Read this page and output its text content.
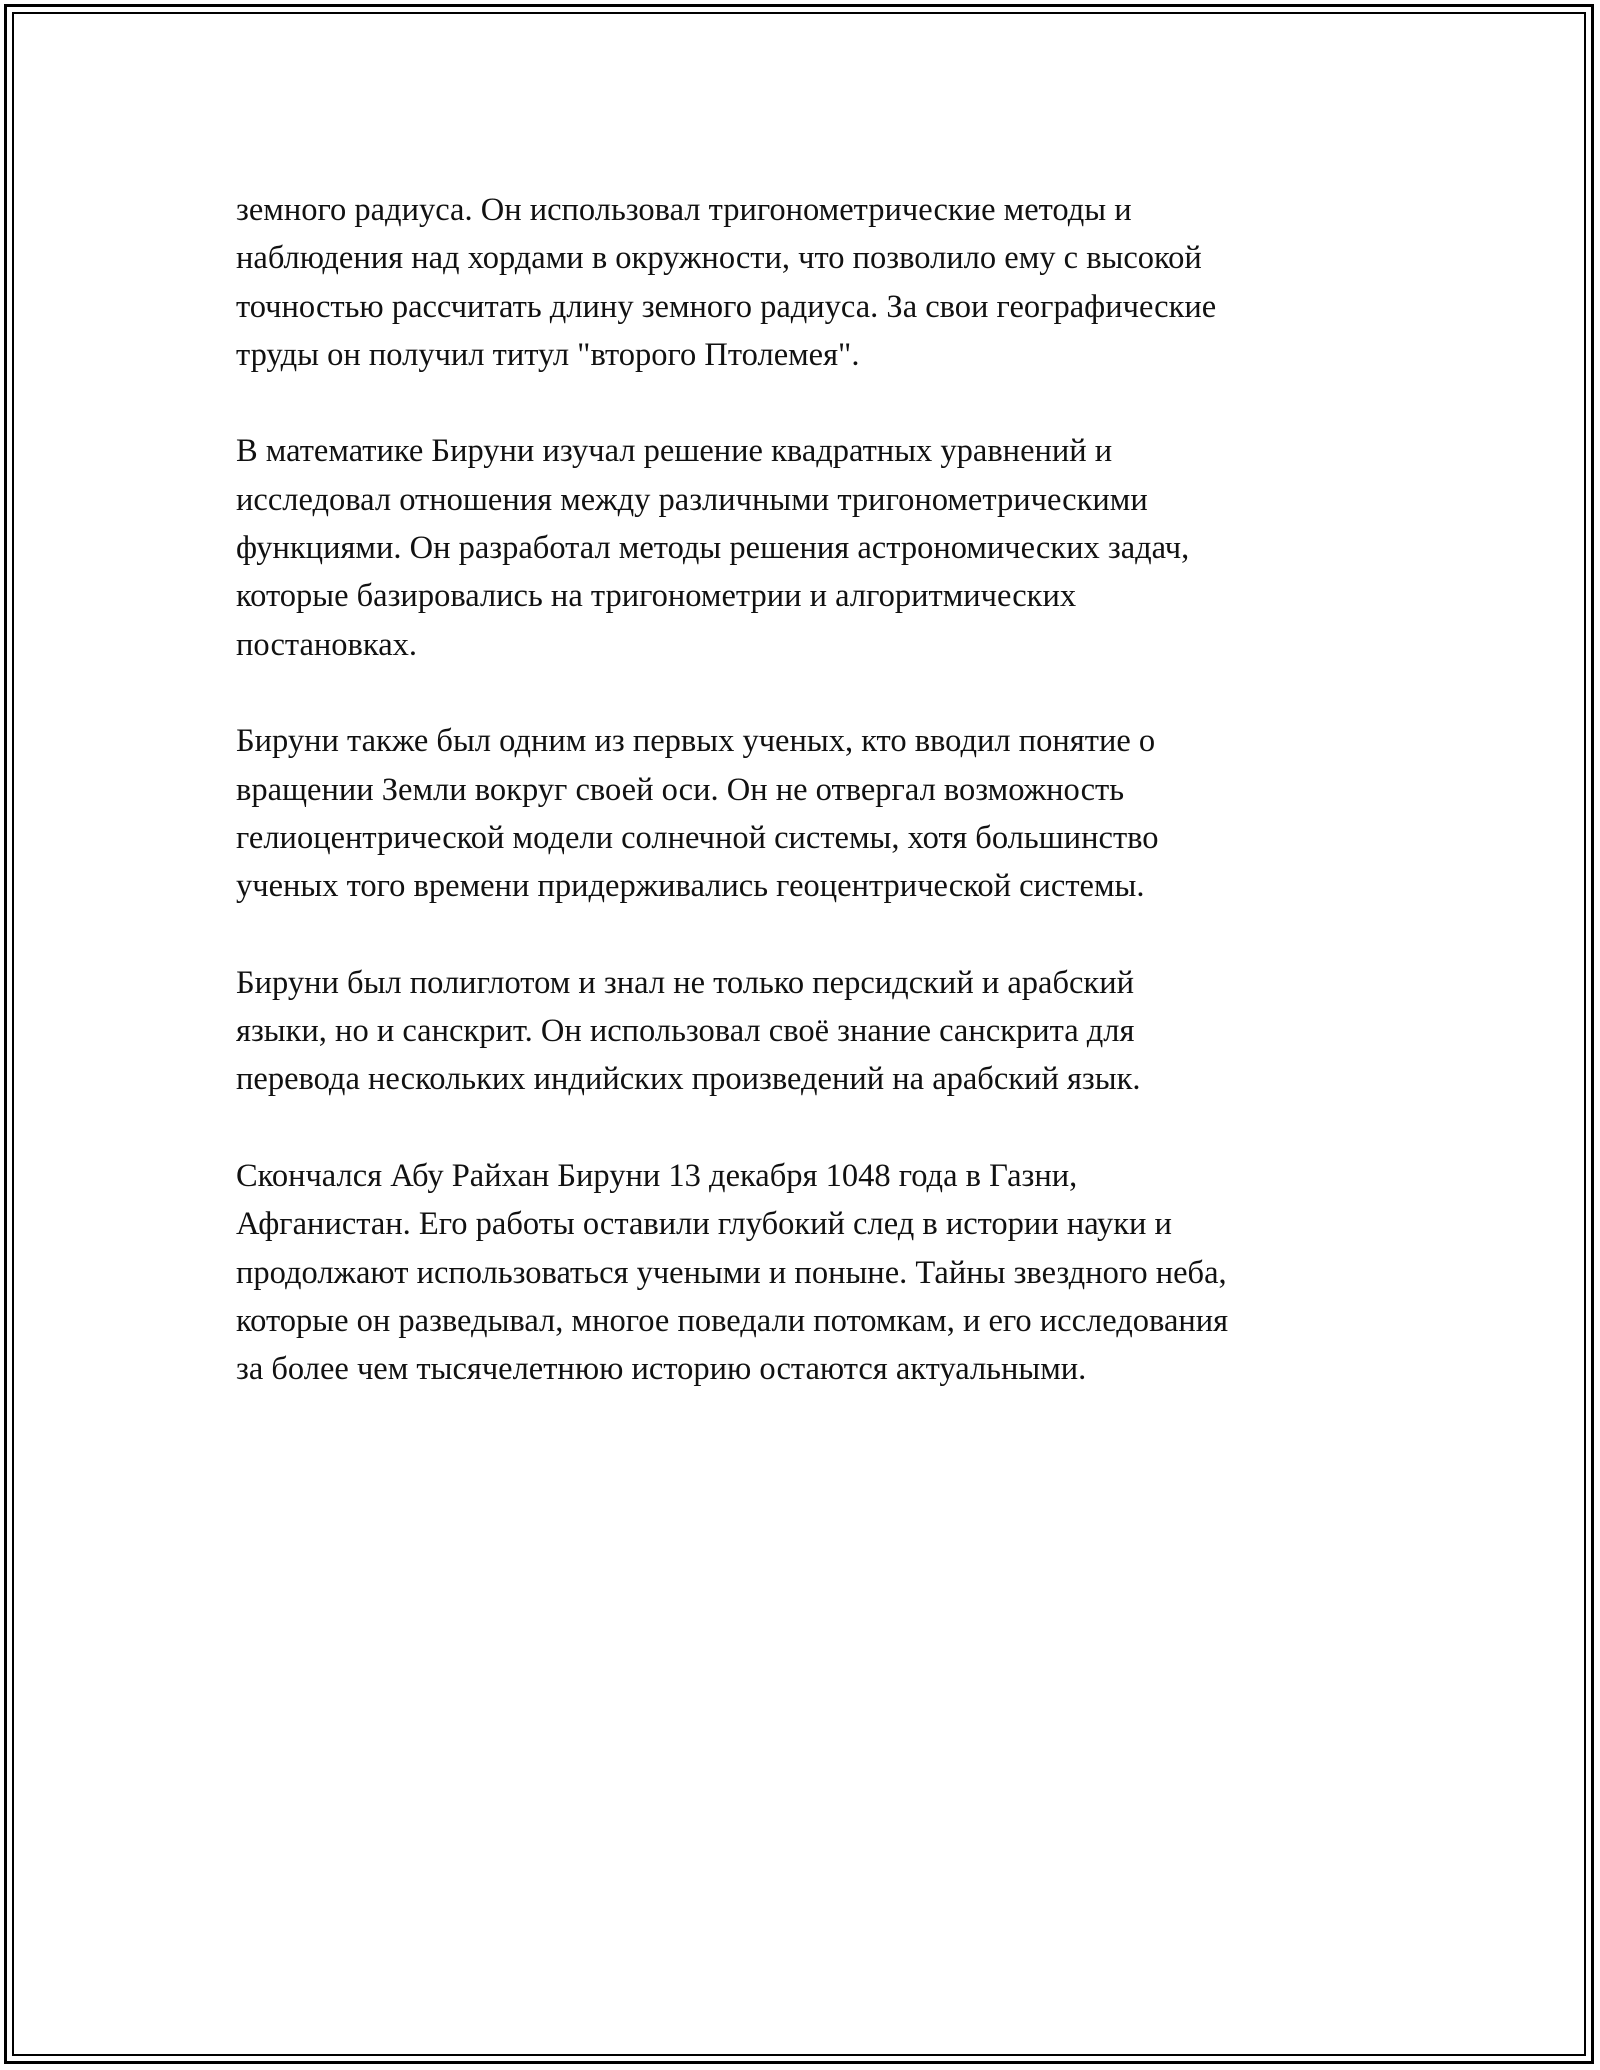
земного радиуса. Он использовал тригонометрические методы и
наблюдения над хордами в окружности, что позволило ему с высокой
точностью рассчитать длину земного радиуса. За свои географические
труды он получил титул "второго Птолемея".

В математике Бируни изучал решение квадратных уравнений и
исследовал отношения между различными тригонометрическими
функциями. Он разработал методы решения астрономических задач,
которые базировались на тригонометрии и алгоритмических
постановках.

Бируни также был одним из первых ученых, кто вводил понятие о
вращении Земли вокруг своей оси. Он не отвергал возможность
гелиоцентрической модели солнечной системы, хотя большинство
ученых того времени придерживались геоцентрической системы.

Бируни был полиглотом и знал не только персидский и арабский
языки, но и санскрит. Он использовал своё знание санскрита для
перевода нескольких индийских произведений на арабский язык.

Скончался Абу Райхан Бируни 13 декабря 1048 года в Газни,
Афганистан. Его работы оставили глубокий след в истории науки и
продолжают использоваться учеными и поныне. Тайны звездного неба,
которые он разведывал, многое поведали потомкам, и его исследования
за более чем тысячелетнюю историю остаются актуальными.
